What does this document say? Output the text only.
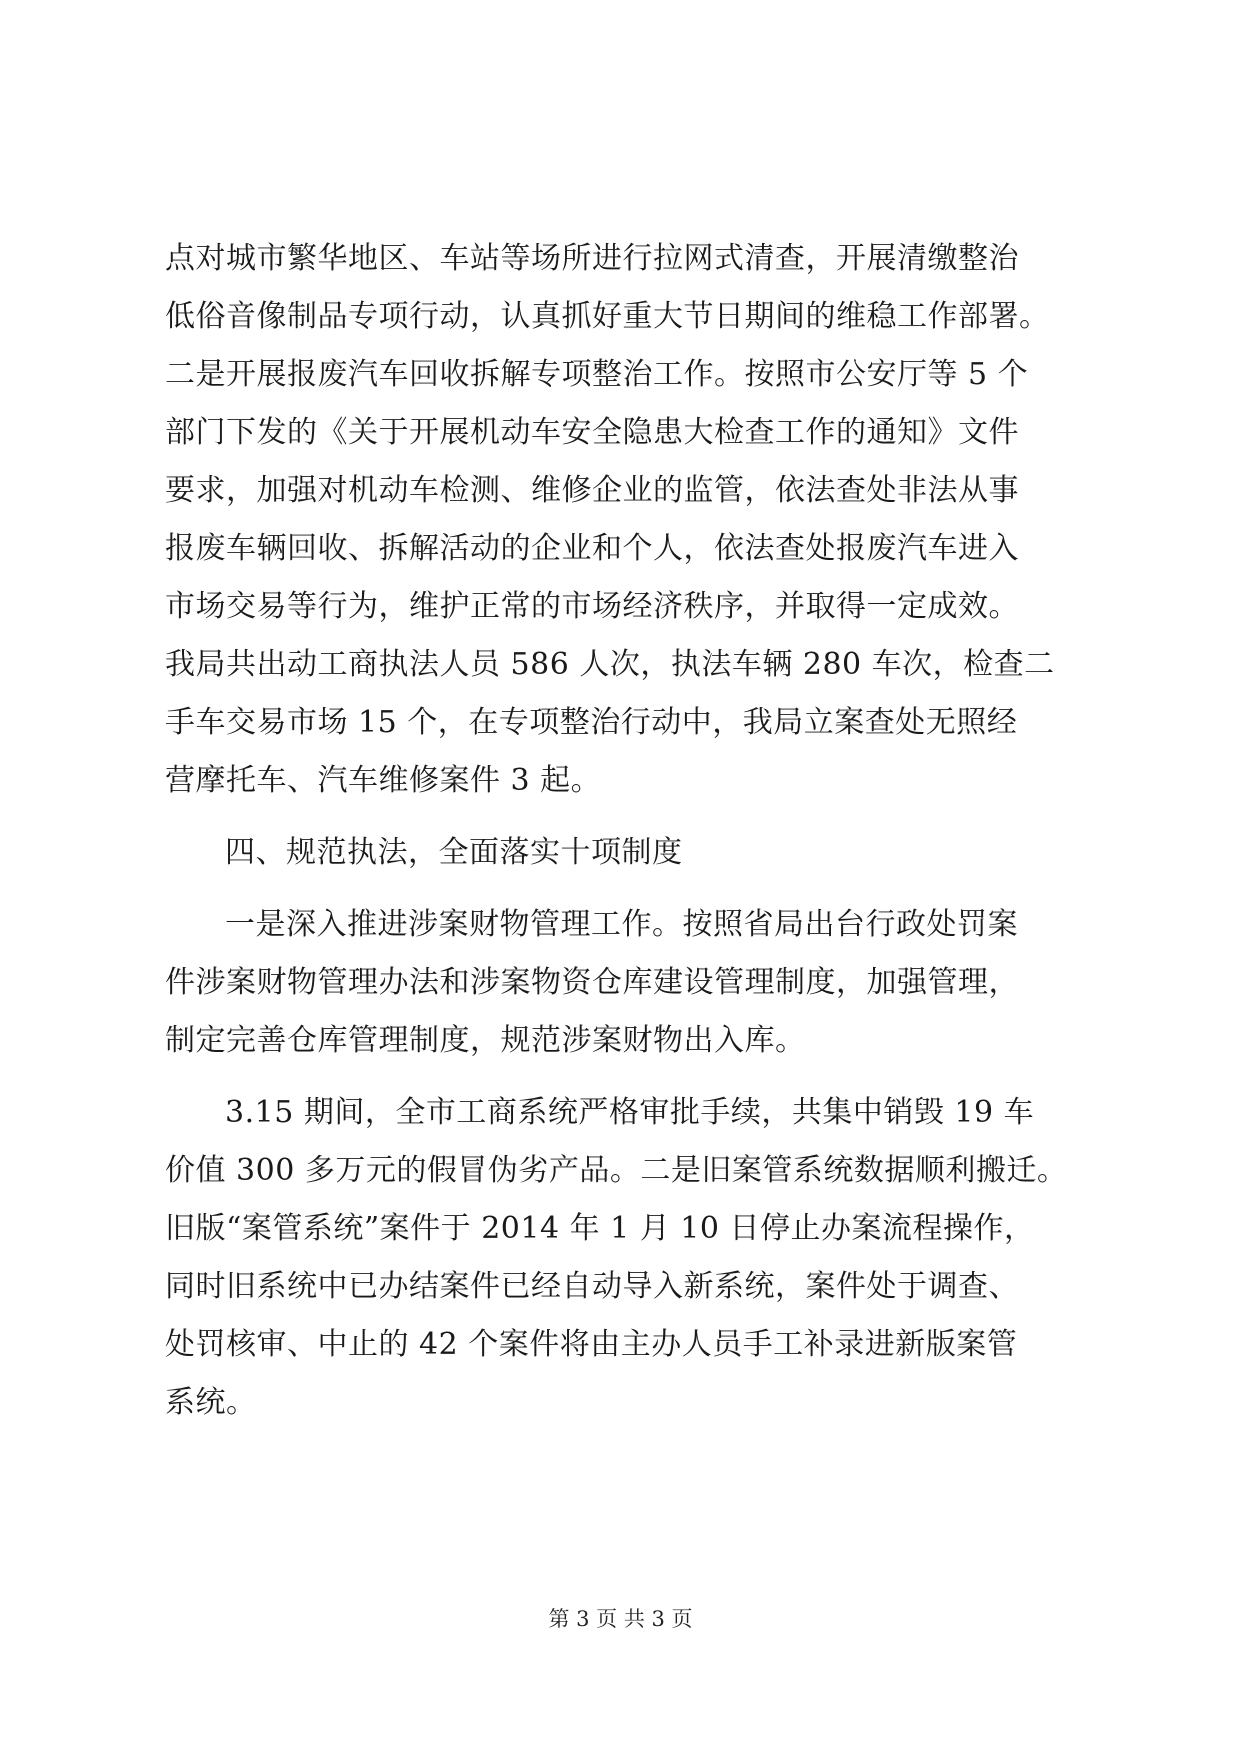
点对城市繁华地区、车站等场所进行拉网式清查，开展清缴整治
低俗音像制品专项行动，认真抓好重大节日期间的维稳工作部署。
二是开展报废汽车回收拆解专项整治工作。按照市公安厅等 5 个
部门下发的《关于开展机动车安全隐患大检查工作的通知》文件
要求，加强对机动车检测、维修企业的监管，依法查处非法从事
报废车辆回收、拆解活动的企业和个人，依法查处报废汽车进入
市场交易等行为，维护正常的市场经济秩序，并取得一定成效。
我局共出动工商执法人员 586 人次，执法车辆 280 车次，检查二
手车交易市场 15 个，在专项整治行动中，我局立案查处无照经
营摩托车、汽车维修案件 3 起。
四、规范执法，全面落实十项制度
一是深入推进涉案财物管理工作。按照省局出台行政处罚案
件涉案财物管理办法和涉案物资仓库建设管理制度，加强管理，
制定完善仓库管理制度，规范涉案财物出入库。
3.15 期间，全市工商系统严格审批手续，共集中销毁 19 车
价值 300 多万元的假冒伪劣产品。二是旧案管系统数据顺利搬迁。
旧版“案管系统”案件于 2014 年 1 月 10 日停止办案流程操作，
同时旧系统中已办结案件已经自动导入新系统，案件处于调查、
处罚核审、中止的 42 个案件将由主办人员手工补录进新版案管
系统。
第 3 页 共 3 页
